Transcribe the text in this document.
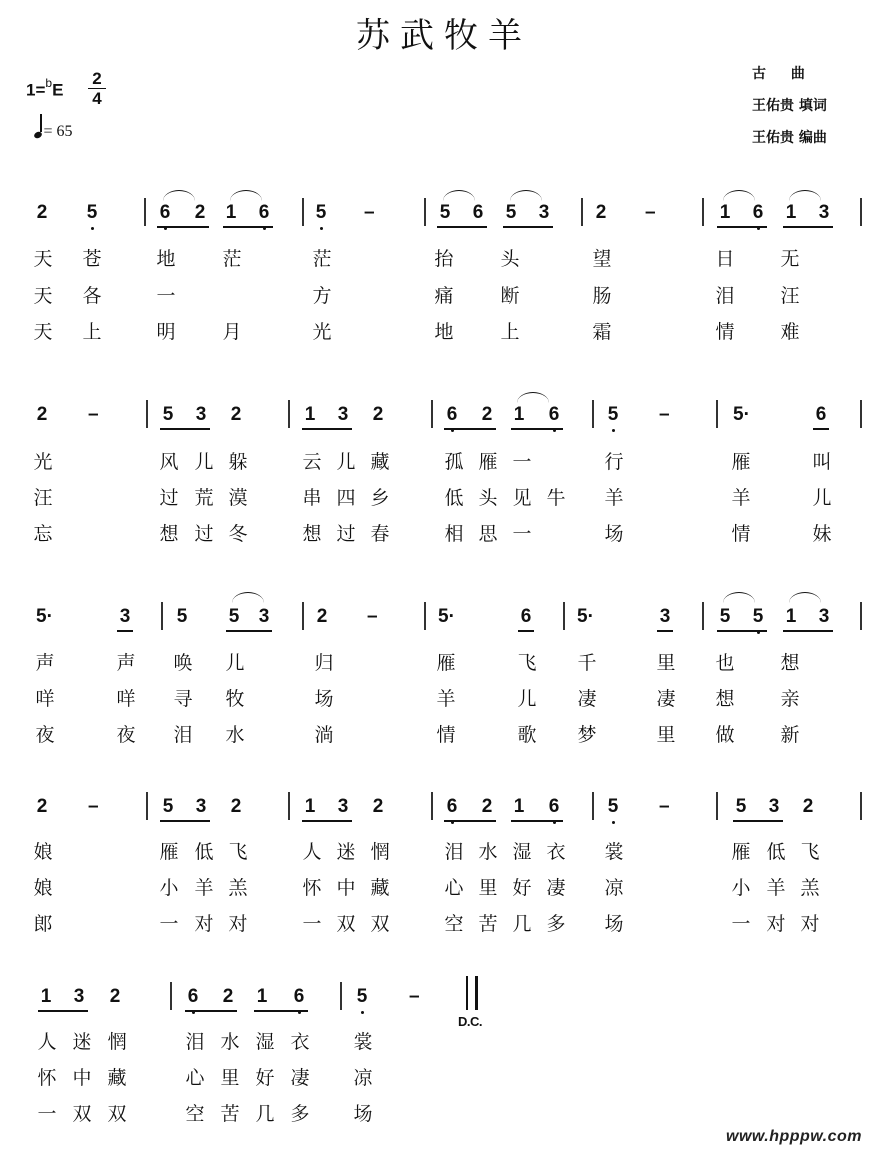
苏武牧羊
1=$^b$E
2
4
= 65
古 曲
王佑贵 填词
王佑贵 编曲
2 5	6 2 1 6 5 –	5 6 5 3 2 –	1 6 1 3
天 苍	地 茫	茫	抬 头	望	日 无
天 各	一	方	痛 断	肠	泪 汪
天 上	明 月	光	地 上	霜	情 难
2 –	5 3 2	1 3 2	6 2 1 6	5 –	5·	6
光	风 儿 躲	云 儿 藏	孤 雁 一	行	雁	叫
汪	过 荒 漠	串 四 乡	低 头 见 牛 羊	羊	儿
忘	想 过 冬	想 过 春	相 思 一	场	情	妹
5·	3 5 5 3 2 –	5·	6 5·	3	5 5 1 3
声	声 唤 儿	归	雁	飞 千	里 也 想
咩	咩 寻 牧	场	羊	儿 凄	凄 想 亲
夜	夜 泪 水	淌	情	歌 梦	里 做 新
2 –	5 3 2	1 3 2	6 2 1 6	5 –	5 3 2
娘	雁 低 飞	人 迷 惘	泪 水 湿 衣 裳	雁 低 飞
娘	小 羊 羔	怀 中 藏	心 里 好 凄 凉	小 羊 羔
郎	一 对 对	一 双 双	空 苦 几 多 场	一 对 对
1 3 2	6 2 1 6	5 –
D.C.
人 迷 惘	泪 水 湿 衣 裳
怀 中 藏	心 里 好 凄 凉
一 双 双	空 苦 几 多 场
www.hpppw.com
